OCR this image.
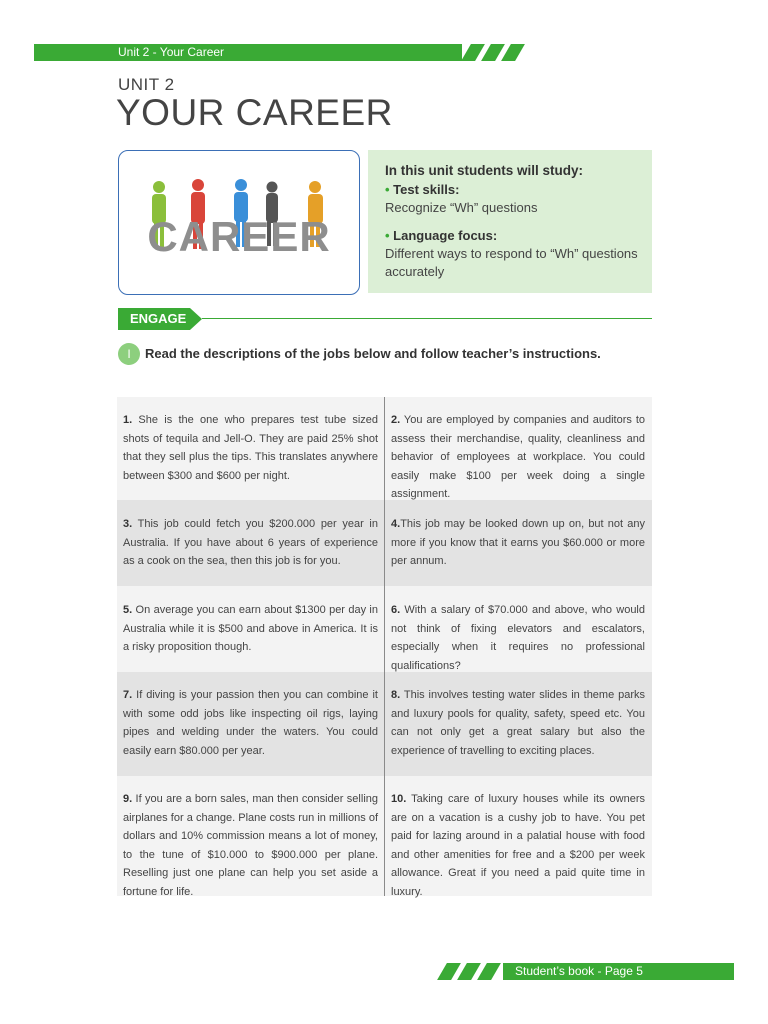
Unit 2 - Your Career
UNIT 2
YOUR CAREER
CAREER
In this unit students will study:
• Test skills:
Recognize “Wh” questions
• Language focus:
Different ways to respond to “Wh” questions accurately
ENGAGE
I	Read the descriptions of the jobs below and follow teacher’s instructions.
1. She is the one who prepares test tube sized shots of tequila and Jell-O. They are paid 25% shot that they sell plus the tips. This translates anywhere between $300 and $600 per night.
2. You are employed by companies and auditors to assess their merchandise, quality, cleanliness and behavior of employees at workplace. You could easily make $100 per week doing a single assignment.
3. This job could fetch you $200.000 per year in Australia. If you have about 6 years of experience as a cook on the sea, then this job is for you.
4.This job may be looked down up on, but not any more if you know that it earns you $60.000 or more per annum.
5. On average you can earn about $1300 per day in Australia while it is $500 and above in America. It is a risky proposition though.
6. With a salary of $70.000 and above, who would not think of fixing elevators and escalators, especially when it requires no professional qualifications?
7. If diving is your passion then you can combine it with some odd jobs like inspecting oil rigs, laying pipes and welding under the waters. You could easily earn $80.000 per year.
8. This involves testing water slides in theme parks and luxury pools for quality, safety, speed etc. You can not only get a great salary but also the experience of travelling to exciting places.
9. If you are a born sales, man then consider selling airplanes for a change. Plane costs run in millions of dollars and 10% commission means a lot of money, to the tune of $10.000 to $900.000 per plane. Reselling just one plane can help you set aside a fortune for life.
10. Taking care of luxury houses while its owners are on a vacation is a cushy job to have. You pet paid for lazing around in a palatial house with food and other amenities for free and a $200 per week allowance. Great if you need a paid quite time in luxury.
Student’s book - Page 5
